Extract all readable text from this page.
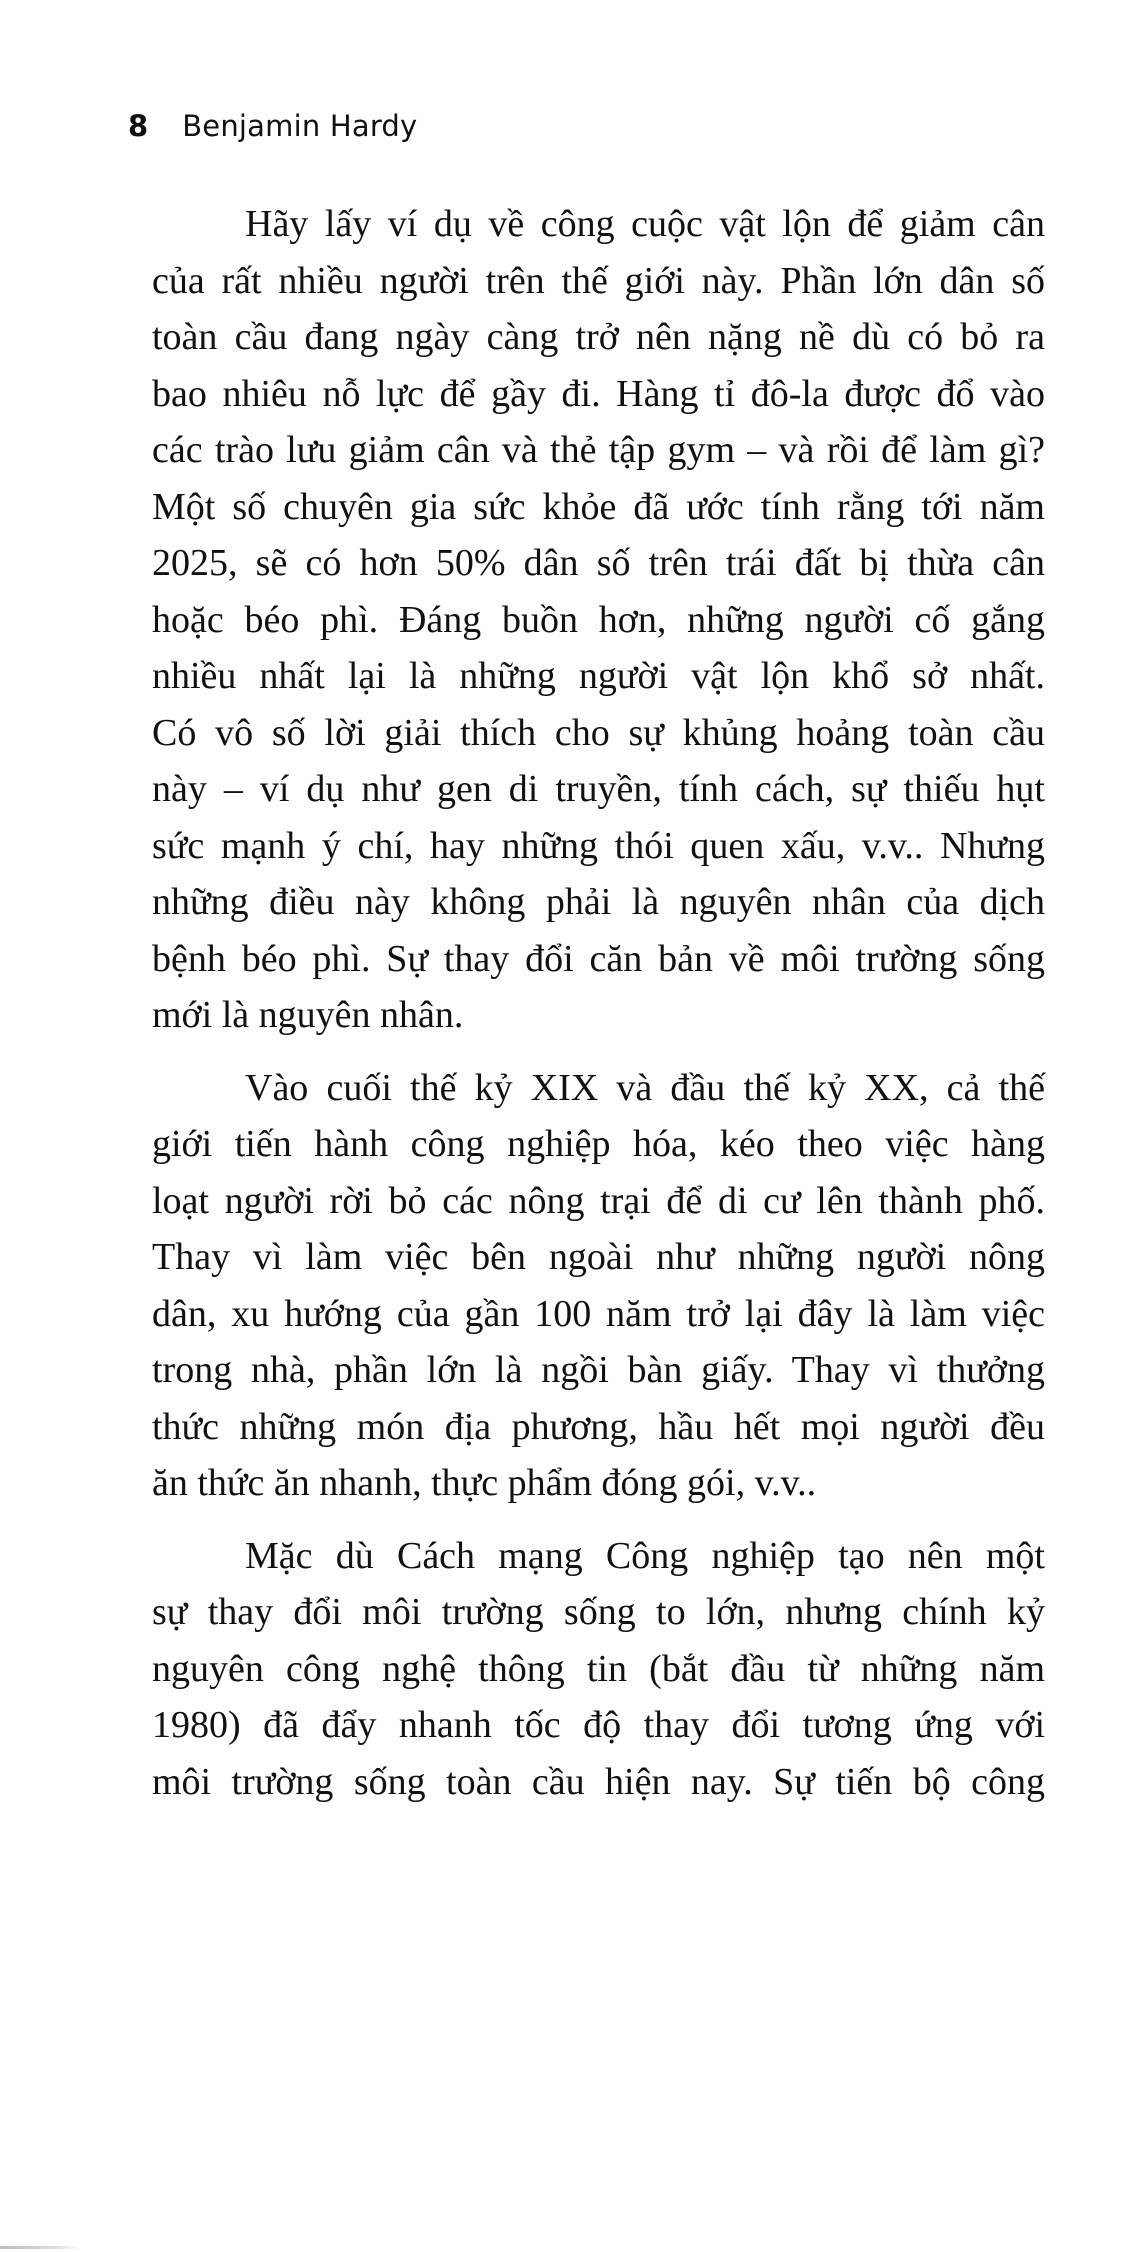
8 Benjamin Hardy

Hãy lấy ví dụ về công cuộc vật lộn để giảm cân
của rất nhiều người trên thế giới này. Phần lớn dân số
toàn cầu đang ngày càng trở nên nặng nề dù có bỏ ra
bao nhiêu nỗ lực để gầy đi. Hàng tỉ đô-la được đổ vào
các trào lưu giảm cân và thẻ tập gym – và rồi để làm gì?
Một số chuyên gia sức khỏe đã ước tính rằng tới năm
2025, sẽ có hơn 50% dân số trên trái đất bị thừa cân
hoặc béo phì. Đáng buồn hơn, những người cố gắng
nhiều nhất lại là những người vật lộn khổ sở nhất.
Có vô số lời giải thích cho sự khủng hoảng toàn cầu
này – ví dụ như gen di truyền, tính cách, sự thiếu hụt
sức mạnh ý chí, hay những thói quen xấu, v.v.. Nhưng
những điều này không phải là nguyên nhân của dịch
bệnh béo phì. Sự thay đổi căn bản về môi trường sống
mới là nguyên nhân.

Vào cuối thế kỷ XIX và đầu thế kỷ XX, cả thế
giới tiến hành công nghiệp hóa, kéo theo việc hàng
loạt người rời bỏ các nông trại để di cư lên thành phố.
Thay vì làm việc bên ngoài như những người nông
dân, xu hướng của gần 100 năm trở lại đây là làm việc
trong nhà, phần lớn là ngồi bàn giấy. Thay vì thưởng
thức những món địa phương, hầu hết mọi người đều
ăn thức ăn nhanh, thực phẩm đóng gói, v.v..

Mặc dù Cách mạng Công nghiệp tạo nên một
sự thay đổi môi trường sống to lớn, nhưng chính kỷ
nguyên công nghệ thông tin (bắt đầu từ những năm
1980) đã đẩy nhanh tốc độ thay đổi tương ứng với
môi trường sống toàn cầu hiện nay. Sự tiến bộ công
